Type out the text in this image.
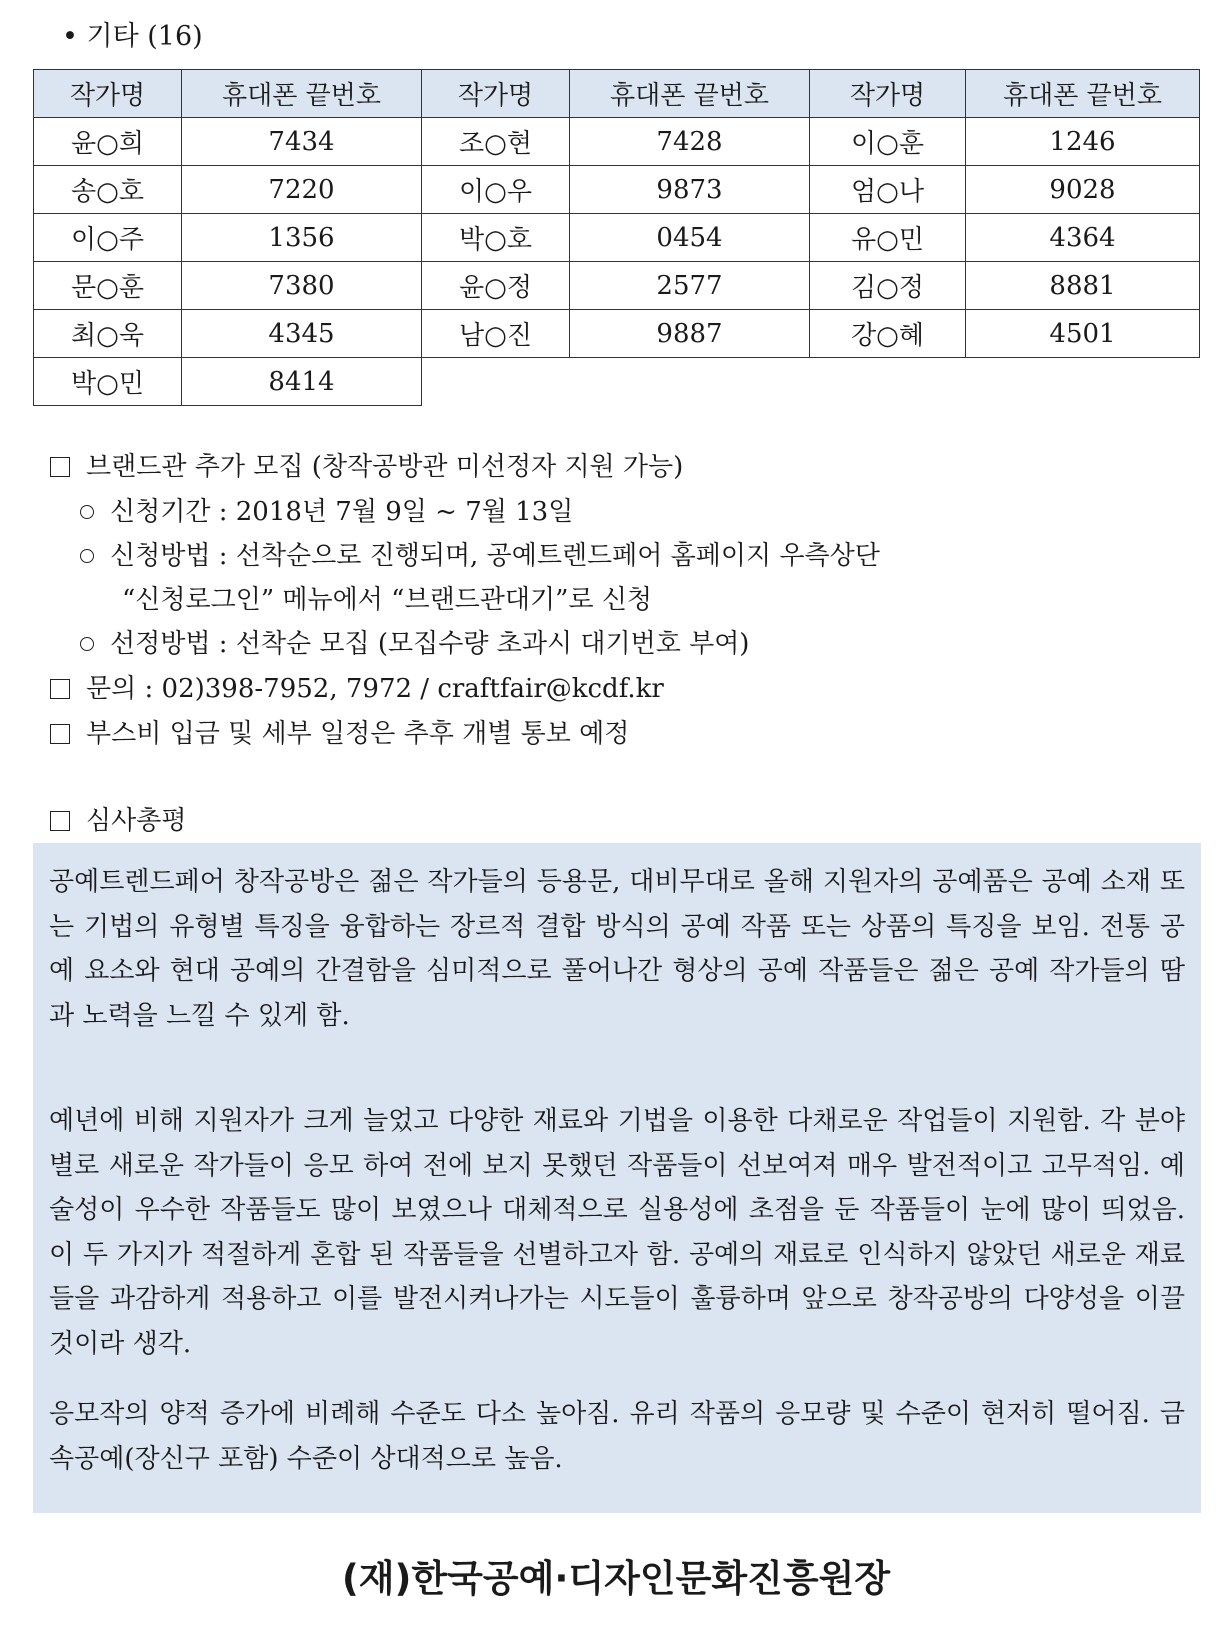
• 기타 (16)
작가명	휴대폰 끝번호	작가명	휴대폰 끝번호	작가명	휴대폰 끝번호
윤○희	7434	조○현	7428	이○훈	1246
송○호	7220	이○우	9873	엄○나	9028
이○주	1356	박○호	0454	유○민	4364
문○훈	7380	윤○정	2577	김○정	8881
최○욱	4345	남○진	9887	강○혜	4501
박○민	8414				
브랜드관 추가 모집 (창작공방관 미선정자 지원 가능)
신청기간 : 2018년 7월 9일 ~ 7월 13일
신청방법 : 선착순으로 진행되며, 공예트렌드페어 홈페이지 우측상단
“신청로그인” 메뉴에서 “브랜드관대기”로 신청
선정방법 : 선착순 모집 (모집수량 초과시 대기번호 부여)
문의 : 02)398-7952, 7972 / craftfair@kcdf.kr
부스비 입금 및 세부 일정은 추후 개별 통보 예정
심사총평

공예트렌드페어 창작공방은 젊은 작가들의 등용문, 대비무대로 올해 지원자의 공예품은 공예 소재 또는 기법의 유형별 특징을 융합하는 장르적 결합 방식의 공예 작품 또는 상품의 특징을 보임. 전통 공예 요소와 현대 공예의 간결함을 심미적으로 풀어나간 형상의 공예 작품들은 젊은 공예 작가들의 땀과 노력을 느낄 수 있게 함.

예년에 비해 지원자가 크게 늘었고 다양한 재료와 기법을 이용한 다채로운 작업들이 지원함. 각 분야별로 새로운 작가들이 응모 하여 전에 보지 못했던 작품들이 선보여져 매우 발전적이고 고무적임. 예술성이 우수한 작품들도 많이 보였으나 대체적으로 실용성에 초점을 둔 작품들이 눈에 많이 띄었음. 이 두 가지가 적절하게 혼합 된 작품들을 선별하고자 함. 공예의 재료로 인식하지 않았던 새로운 재료들을 과감하게 적용하고 이를 발전시켜나가는 시도들이 훌륭하며 앞으로 창작공방의 다양성을 이끌 것이라 생각.

응모작의 양적 증가에 비례해 수준도 다소 높아짐. 유리 작품의 응모량 및 수준이 현저히 떨어짐. 금속공예(장신구 포함) 수준이 상대적으로 높음.

(재)한국공예·디자인문화진흥원장
